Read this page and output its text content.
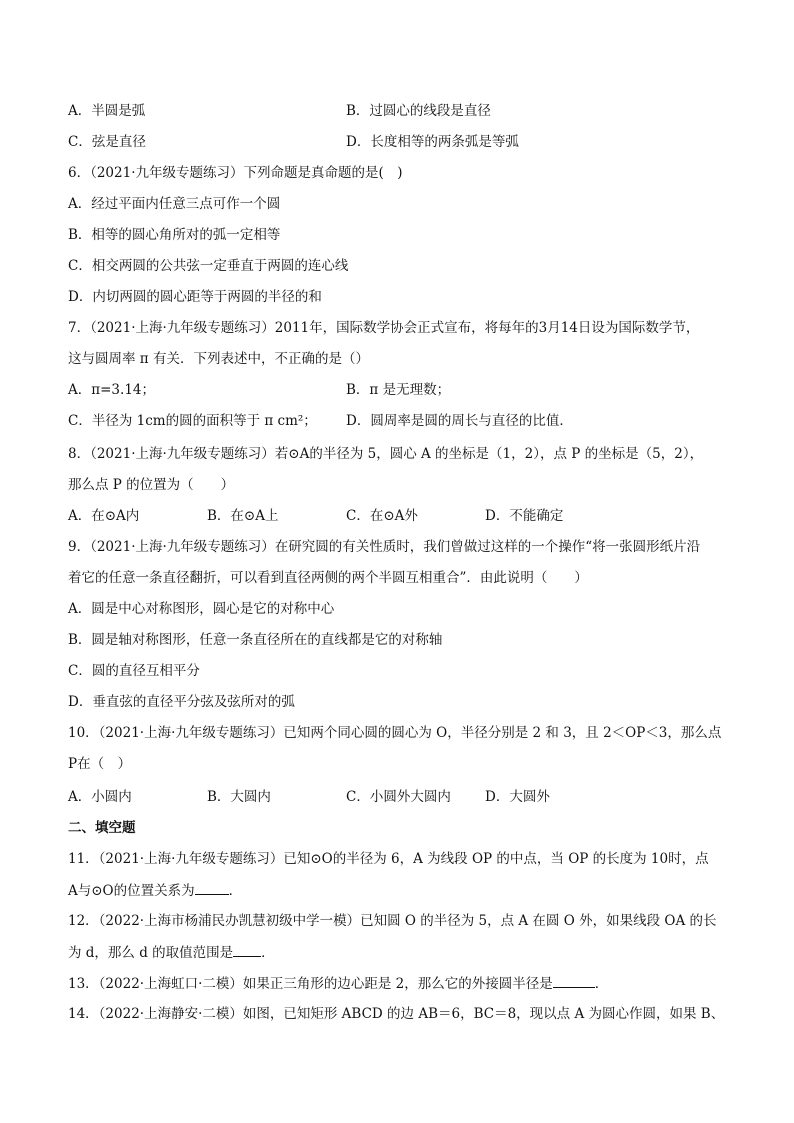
A．半圆是弧	B．过圆心的线段是直径
C．弦是直径	D．长度相等的两条弧是等弧
6．（2021·九年级专题练习）下列命题是真命题的是(　)
A．经过平面内任意三点可作一个圆
B．相等的圆心角所对的弧一定相等
C．相交两圆的公共弦一定垂直于两圆的连心线
D．内切两圆的圆心距等于两圆的半径的和
7．（2021·上海·九年级专题练习）2011年，国际数学协会正式宣布，将每年的3月14日设为国际数学节，
这与圆周率 π 有关．下列表述中，不正确的是（）
A．π=3.14；	B．π 是无理数；
C．半径为 1cm的圆的面积等于 π cm²； D．圆周率是圆的周长与直径的比值．
8．（2021·上海·九年级专题练习）若⊙A的半径为 5，圆心 A 的坐标是（1，2），点 P 的坐标是（5，2），
那么点 P 的位置为（　　）
A．在⊙A内	B．在⊙A上	C．在⊙A外	D．不能确定
9．（2021·上海·九年级专题练习）在研究圆的有关性质时，我们曾做过这样的一个操作“将一张圆形纸片沿
着它的任意一条直径翻折，可以看到直径两侧的两个半圆互相重合”．由此说明（　　）
A．圆是中心对称图形，圆心是它的对称中心
B．圆是轴对称图形，任意一条直径所在的直线都是它的对称轴
C．圆的直径互相平分
D．垂直弦的直径平分弦及弦所对的弧
10．（2021·上海·九年级专题练习）已知两个同心圆的圆心为 O，半径分别是 2 和 3，且 2＜OP＜3，那么点
P在（　）
A．小圆内	B．大圆内	C．小圆外大圆内	D．大圆外
二、填空题
11．（2021·上海·九年级专题练习）已知⊙O的半径为 6，A 为线段 OP 的中点，当 OP 的长度为 10时，点
A与⊙O的位置关系为	．
12．（2022·上海市杨浦民办凯慧初级中学一模）已知圆 O 的半径为 5，点 A 在圆 O 外，如果线段 OA 的长
为 d，那么 d 的取值范围是 ．
13．（2022·上海虹口·二模）如果正三角形的边心距是 2，那么它的外接圆半径是	．
14．（2022·上海静安·二模）如图，已知矩形 ABCD 的边 AB＝6，BC＝8，现以点 A 为圆心作圆，如果 B、
